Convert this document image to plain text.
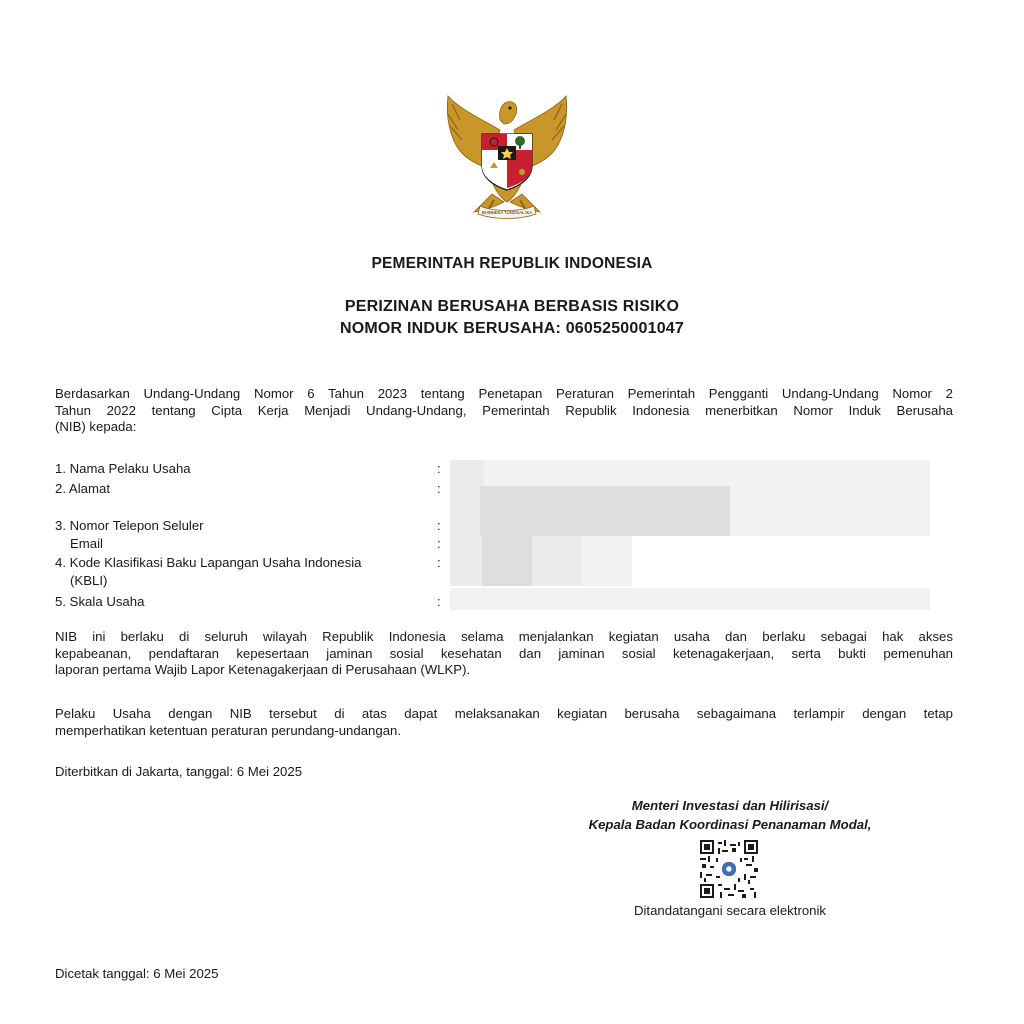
BHINNEKA TUNGGAL IKA
PEMERINTAH REPUBLIK INDONESIA
PERIZINAN BERUSAHA BERBASIS RISIKO
NOMOR INDUK BERUSAHA: 0605250001047
Berdasarkan Undang-Undang Nomor 6 Tahun 2023 tentang Penetapan Peraturan Pemerintah Pengganti Undang-Undang Nomor 2
Tahun 2022 tentang Cipta Kerja Menjadi Undang-Undang, Pemerintah Republik Indonesia menerbitkan Nomor Induk Berusaha
(NIB) kepada:
1. Nama Pelaku Usaha
2. Alamat
3. Nomor Telepon Seluler
Email
4. Kode Klasifikasi Baku Lapangan Usaha Indonesia
(KBLI)
5. Skala Usaha
:
:
:
:
:
:
NIB ini berlaku di seluruh wilayah Republik Indonesia selama menjalankan kegiatan usaha dan berlaku sebagai hak akses
kepabeanan, pendaftaran kepesertaan jaminan sosial kesehatan dan jaminan sosial ketenagakerjaan, serta bukti pemenuhan
laporan pertama Wajib Lapor Ketenagakerjaan di Perusahaan (WLKP).
Pelaku Usaha dengan NIB tersebut di atas dapat melaksanakan kegiatan berusaha sebagaimana terlampir dengan tetap
memperhatikan ketentuan peraturan perundang-undangan.
Diterbitkan di Jakarta, tanggal: 6 Mei 2025
Menteri Investasi dan Hilirisasi/
Kepala Badan Koordinasi Penanaman Modal,
Ditandatangani secara elektronik
Dicetak tanggal: 6 Mei 2025
